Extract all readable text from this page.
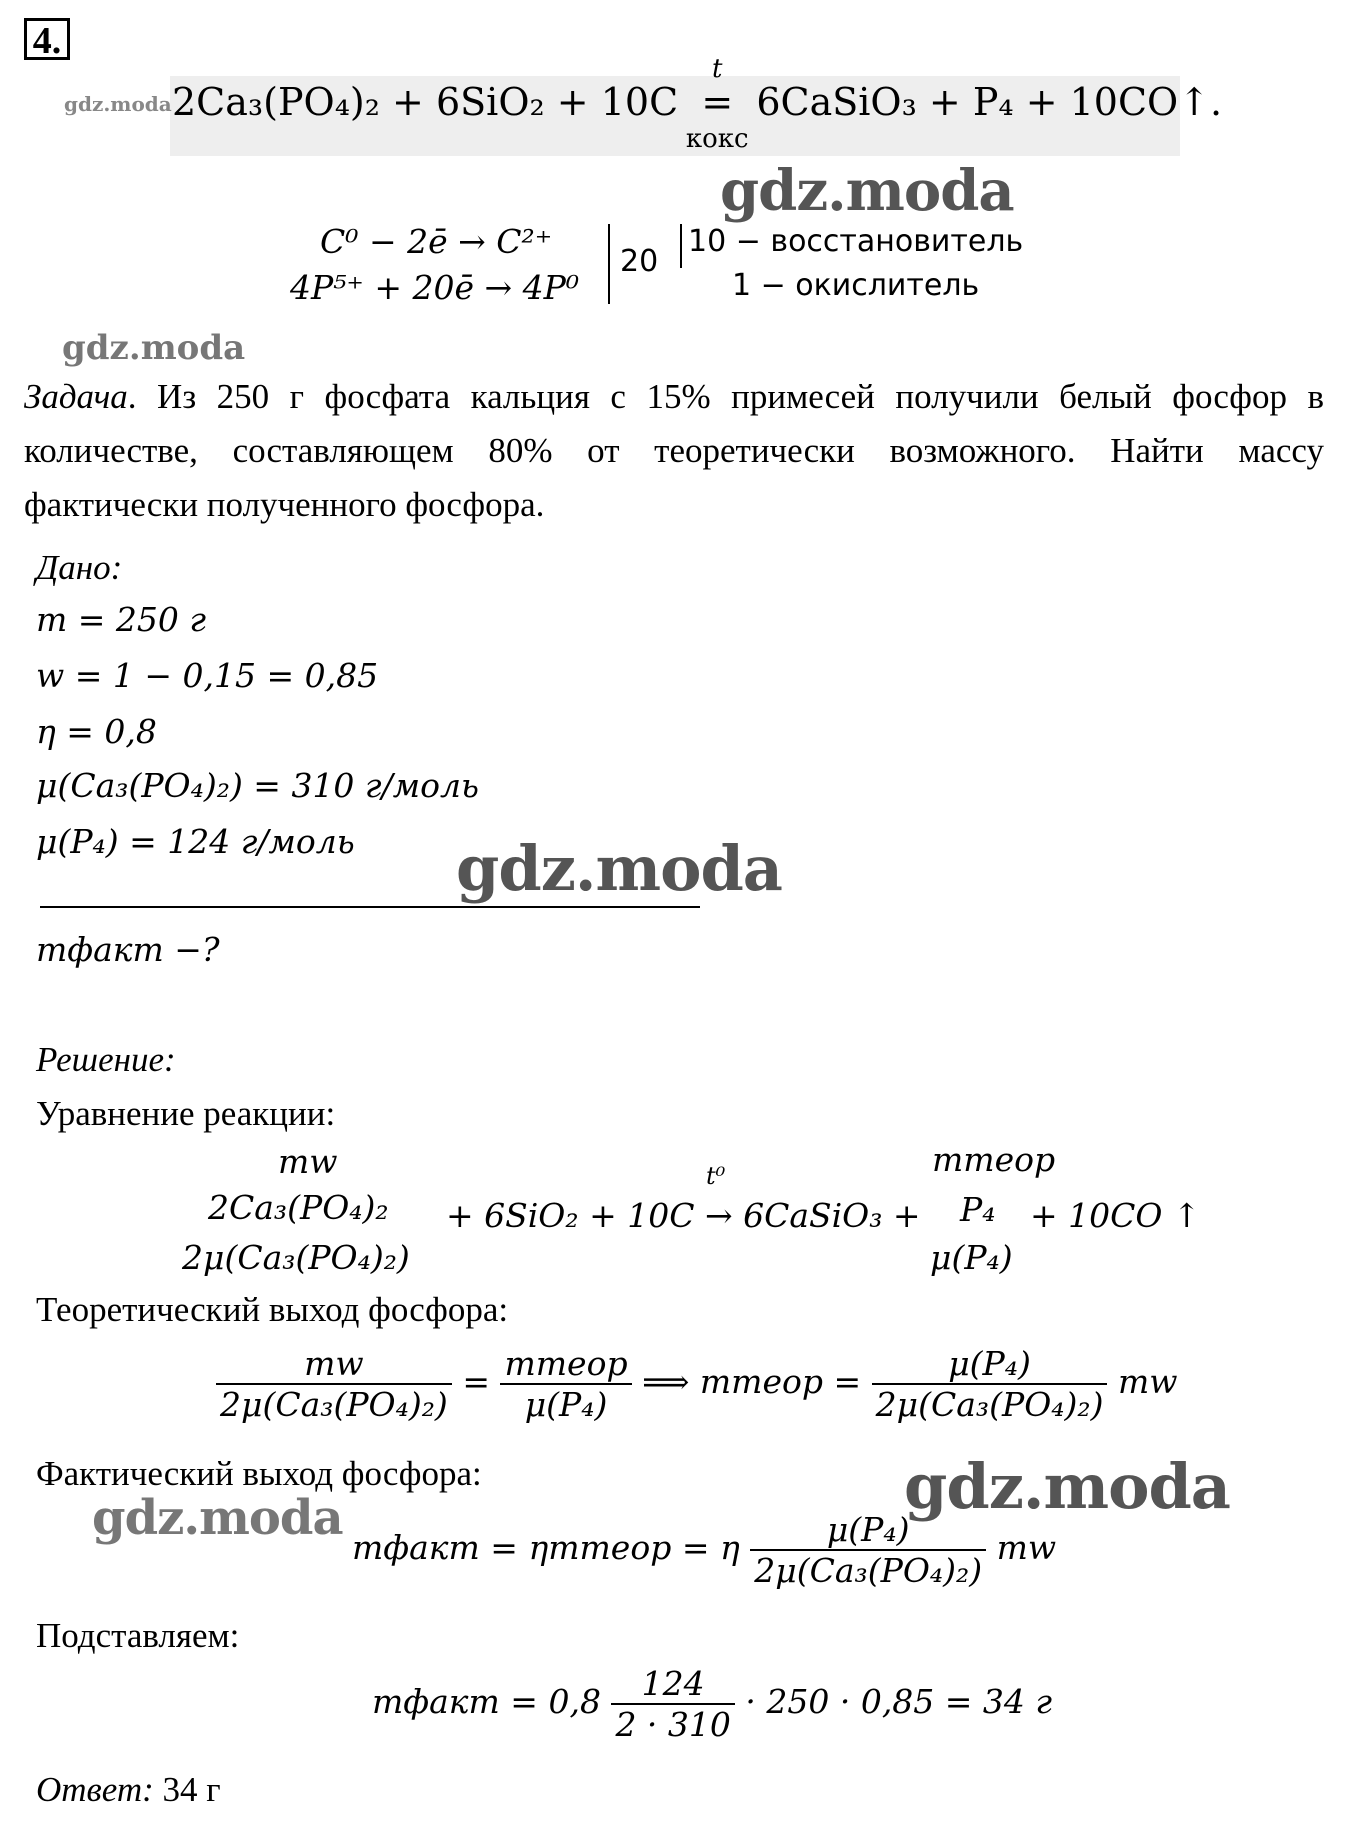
4.
gdz.moda 2Ca₃(PO₄)₂ + 6SiO₂ + 10C
t
=
кокс
6CaSiO₃ + P₄ + 10CO↑.
gdz.moda
C⁰ − 2ē → C²⁺
4P⁵⁺ + 20ē → 4P⁰
20
10 − восстановитель
1 − окислитель
gdz.moda
Задача. Из 250 г фосфата кальция с 15% примесей получили белый фосфор в количестве, составляющем 80% от теоретически возможного. Найти массу фактически полученного фосфора.
Дано:
m = 250 г
w = 1 − 0,15 = 0,85
η = 0,8
μ(Ca₃(PO₄)₂) = 310 г/моль
μ(P₄) = 124 г/моль gdz.moda
mфакт −?
Решение:
Уравнение реакции:
mw
2Ca₃(PO₄)₂
2μ(Ca₃(PO₄)₂)
t⁰
+ 6SiO₂ + 10C → 6CaSiO₃ +
mтеор
P₄
μ(P₄)
+ 10CO ↑
Теоретический выход фосфора:
$\frac{mw}{\text{2μ(Ca₃(PO₄)₂)}} = \frac{\text{mтеор}}{\text{μ(P₄)}}$ ⟹ mтеор = $\frac{\text{μ(P₄)}}{\text{2μ(Ca₃(PO₄)₂)}}$ mw
Фактический выход фосфора:	gdz.moda
gdz.moda
mфакт = ηmтеор = η $\frac{\text{μ(P₄)}}{\text{2μ(Ca₃(PO₄)₂)}}$ mw
Подставляем:
mфакт = $0,8 \frac{124}{2 \cdot 310} \cdot 250 \cdot 0,85 = 34$ г
Ответ: 34 г
